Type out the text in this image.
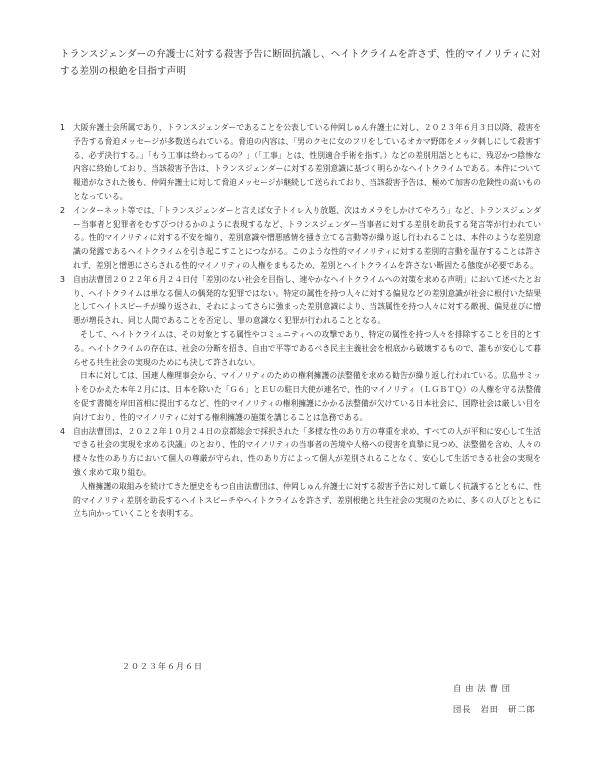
トランスジェンダーの弁護士に対する殺害予告に断固抗議し、ヘイトクライムを許さず、性的マイノリティに対する差別の根絶を目指す声明
1	大阪弁護士会所属であり、トランスジェンダーであることを公表している仲岡しゅん弁護士に対し、２０２３年６月３日以降、殺害を予告する脅迫メッセージが多数送られている。脅迫の内容は、「男のクセに女のフリをしているオカマ野郎をメッタ刺しにして殺害する、必ず決行する。」「もう工事は終わってるの？」（「工事」とは、性別適合手術を指す。）などの差別用語とともに、残忍かつ陰惨な内容に終始しており、当該殺害予告は、トランスジェンダーに対する差別意識に基づく明らかなヘイトクライムである。本件について報道がなされた後も、仲岡弁護士に対して脅迫メッセージが継続して送られており、当該殺害予告は、極めて加害の危険性の高いものとなっている。
2	インターネット等では、「トランスジェンダーと言えば女子トイレ入り放題、次はカメラをしかけてやろう」など、トランスジェンダー当事者と犯罪者をむすびつけるかのように表現するなど、トランスジェンダー当事者に対する差別を助長する発言等が行われている。性的マイノリティに対する不安を煽り、差別意識や憎悪感情を掻き立てる言動等が繰り返し行われることは、本件のような差別意識の発露であるヘイトクライムを引き起こすことにつながる。このような性的マイノリティに対する差別的言動を温存することは許されず、差別と憎悪にさらされる性的マイノリティの人権をまもるため、差別とヘイトクライムを許さない断固たる態度が必要である。
3	自由法曹団２０２２年６月２４日付「差別のない社会を目指し、速やかなヘイトクライムへの対策を求める声明」において述べたとおり、ヘイトクライムは単なる個人の偶発的な犯罪ではない。特定の属性を持つ人々に対する偏見などの差別意識が社会に根付いた結果としてヘイトスピーチが繰り返され、それによってさらに強まった差別意識により、当該属性を持つ人々に対する敵視、偏見並びに憎悪が増長され、同じ人間であることを否定し、罪の意識なく犯罪が行われることとなる。

そして、ヘイトクライムは、その対象とする属性やコミュニティへの攻撃であり、特定の属性を持つ人々を排除することを目的とする。ヘイトクライムの存在は、社会の分断を招き、自由で平等であるべき民主主義社会を根底から破壊するもので、誰もが安心して暮らせる共生社会の実現のためにも決して許されない。

日本に対しては、国連人権理事会から、マイノリティのための権利擁護の法整備を求める勧告が繰り返し行われている。広島サミットをひかえた本年２月には、日本を除いた「Ｇ６」とＥＵの駐日大使が連名で、性的マイノリティ（ＬＧＢＴＱ）の人権を守る法整備を促す書簡を岸田首相に提出するなど、性的マイノリティの権利擁護にかかる法整備が欠けている日本社会に、国際社会は厳しい目を向けており、性的マイノリティに対する権利擁護の施策を講じることは急務である。

4	自由法曹団は、２０２２年１０月２４日の京都総会で採択された「多様な性のあり方の尊重を求め、すべての人が平和に安心して生活できる社会の実現を求める決議」のとおり、性的マイノリティの当事者の苦境や人格への侵害を真摯に見つめ、法整備を含め、人々の様々な性のあり方において個人の尊厳が守られ、性のあり方によって個人が差別されることなく、安心して生活できる社会の実現を強く求めて取り組む。

人権擁護の取組みを続けてきた歴史をもつ自由法曹団は、仲岡しゅん弁護士に対する殺害予告に対して厳しく抗議するとともに、性的マイノリティ差別を助長するヘイトスピーチやヘイトクライムを許さず、差別根絶と共生社会の実現のために、多くの人びとともに立ち向かっていくことを表明する。

２０２３年６月６日
自由法曹団
団長　岩田　研二郎
